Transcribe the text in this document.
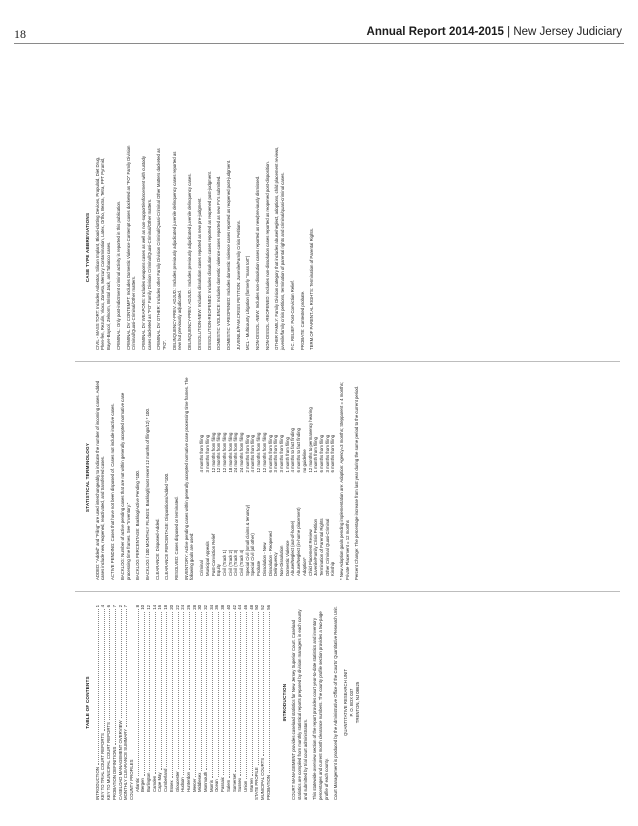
18	Annual Report 2014-2015 | New Jersey Judiciary
TABLE OF CONTENTS
INTRODUCTION
1
KEY TO TRIAL COURT REPORTS
4
KEY TO MUNICIPAL COURT REPORTS
6
PROBATION DEFINITIONS
7
CASELOAD MANAGEMENT OVERVIEW
2
MONTHLY CLEARANCE SUMMARY
7
COUNTY PROFILES Atlantic
8
Bergen
10
Burlington
12
Camden
14
Cape May
16
Cumberland
18
Essex
20
Gloucester
22
Hudson
24
Hunterdon
26
Mercer
28
Middlesex
30
Monmouth
32
Morris
34
Ocean
36
Passaic
38
Salem
40
Somerset
42
Sussex
44
Union
46
Warren
48
STATE PROFILE
50
MUNICIPAL COURTS
52
PROBATION
56
INTRODUCTION COURT MANAGEMENT provides caseload statistics for New Jersey Superior Court. Caseload statistics are compiled from monthly statistical reports prepared by division managers in each county and submitted by trial court administrators. This statewide overview section of the report provides court year-to-date statistics and inventory percentages and current month clearance numbers. The county profile section provides a two-page profile of each county. Court Management is produced by the Administrative Office of the Courts' Quantitative Research Unit. QUANTITATIVE RESEARCH UNIT P. O. BOX 037 TRENTON, NJ 08625
STATISTICAL TERMINOLOGY ADDED: "Added" and "Filing" are used interchangeably to indicate the number of incoming cases. Added cases include new, reopened, reactivated, and transferred cases. ACTIVE PENDING: Cases that have not been disposed of. Cases not include inactive cases. BACKLOG: Number of active pending cases that are not within generally accepted normative case processing time frames. See "Inventory." BACKLOG PERCENTAGE: Backlog/Active Pending *100. BACKLOG / 100 MONTHLY FILINGS: Backlog/(most recent 12 months of filings/12) * 100. CLEARANCE: Disposed-Added. CLEARANCE PERCENTAGE: Dispositions/Added *100. RESOLVED: Cases disposed or terminated. INVENTORY: Active pending cases within generally accepted normative case processing time frames. The following goals are used: Criminal
4 months from filing
Municipal Appeals
3 months from filing
Post-Conviction Relief
12 months from filing
Equity
12 months from filing
Civil (Track 1)
12 months from filing
Civil (Track 2)
18 months from filing
Civil (Track 3)
24 months from filing
Civil (Track 4)
24 months from filing
Special Civil (small claims & tenancy)
2 months from filing
Special Civil (all other)
4 months from filing
Probate
12 months from filing
Dissolution - New
12 months from filing
Dissolution - Reopened
6 months from filing
Delinquency
3 months from filing
Non-Dissolution
3 months from filing
Domestic Violence
1 month from filing
Abuse/Neglect (out-of-home)
4 months to fact finding
Abuse/Neglect (in-home placement)
6 months to fact finding
Adoption*
no guideline
Child Placement Review
12 months to permanency hearing
Juvenile/Family Crisis Petition
1 month from filing
Termination of Parental Rights
6 months from filing
Other Criminal Quasi-Criminal
3 months from filing
Kinship
6 months from filing * New Adoption goals pending implementation are: Adoption: Agency=3 months; Stepparent = 4 months; Private Placement = 12 months Percent Change: The percentage increase from last year during the same period to the current period.

CASE TYPE ABBREVIATIONS CIVIL - MASS TORT: Includes Asbestos, Silicon Implant, Blood-clotting Devices, Propulsid, Diet Drug, Phen-fen, Rezulin, Vioxx, Zometa, Mercury Contamination, Latex, Ortho, Bextra, Tetra, PPT Pyramid, Bayer-Baycol, Zelnorm, Bristol Jack, and Tobacco cases. CRIMINAL: Only post-indictment criminal activity is reported in this publication. CRIMINAL DV CONTEMPT: Includes Domestic Violence Contempt cases docketed as "FO" Family Division Criminal/Quasi-Criminal/Other matters. CRIMINAL DV WEAPONS: Includes weapons cases as well as non-support/enforcement with custody cases docketed as "FO" Family Division Criminal/Quasi-Criminal/Other matters. CRIMINAL DV OTHER: Includes other Family Division Criminal/Quasi-Criminal Other Matters docketed as "FO". DELINQUENCY-PREV. ADJUD.: Includes previously adjudicated juvenile delinquency cases reported as new but previously adjudicated. DELINQUENCY-PREV. ADJUD.: Includes previously adjudicated juvenile delinquency cases. DISSOLUTION-NEW: Includes dissolution cases reported as new pre-judgment. DISSOLUTION-REOPENED: Includes dissolution cases reported as reopened post-judgment. DOMESTIC VIOLENCE: Includes domestic violence cases reported as new FV's submitted. DOMESTIC V-REOPENED: Includes domestic violence cases reported as reopened post-judgment. JUVENILE/FAM.CRISIS PETITION: Juvenile/Family Crisis Petitions. MCL - Multicounty Litigation (formerly "mass tort") NON-DISSOL.-NEW: Includes non-dissolution cases reported as new/previously dismissed. NON-DISSOL.-REOPENED: Includes non-dissolution cases reported as reopened post-disposition. OTHER FAMILY: Family Division category that includes abuse/neglect, adoptions, child placement reviews, juvenile/family crisis petitions, termination of parental rights and criminal/quasi-criminal cases. P.C. RELIEF: Post-Conviction Relief. PROBATE: Contested probate. TERM.OF PARENT.AL RIGHTS: Termination of Parental Rights.
